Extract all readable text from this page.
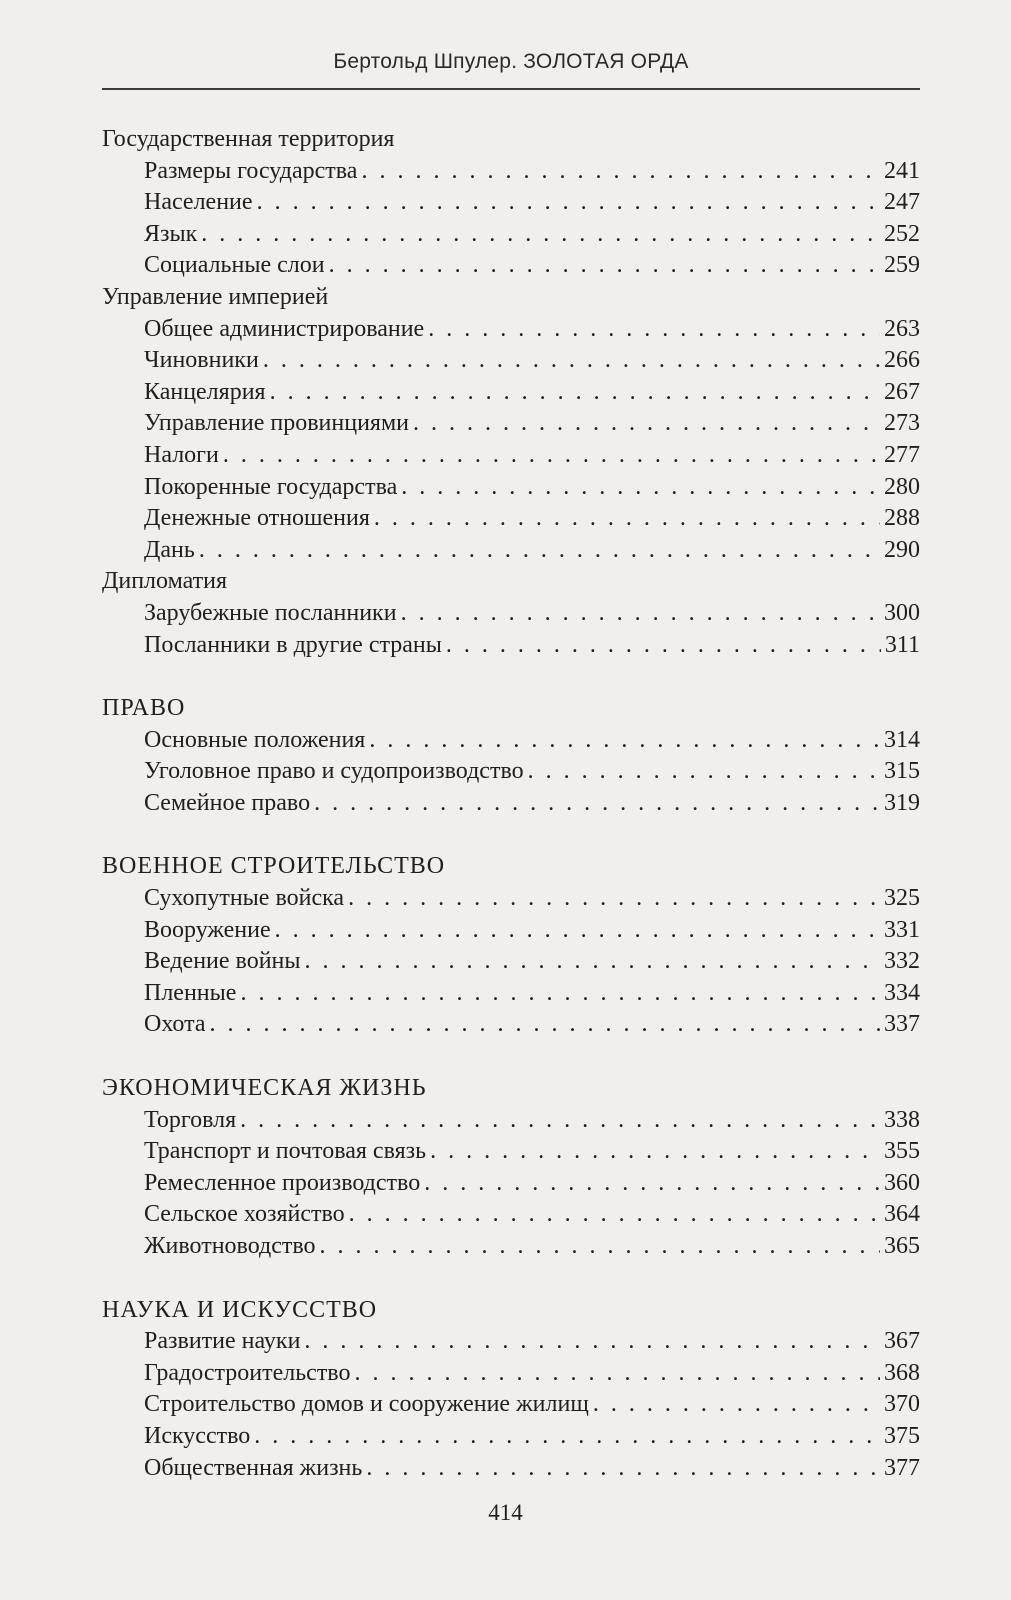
Бертольд Шпулер. ЗОЛОТАЯ ОРДА
Государственная территория
Размеры государства . . .	241
Население . . .	247
Язык . . .	252
Социальные слои . . .	259
Управление империей
Общее администрирование . . .	263
Чиновники . . .	266
Канцелярия . . .	267
Управление провинциями . . .	273
Налоги . . .	277
Покоренные государства . . .	280
Денежные отношения . . .	288
Дань . . .	290
Дипломатия
Зарубежные посланники . . .	300
Посланники в другие страны . . .	311
ПРАВО
Основные положения . . .	314
Уголовное право и судопроизводство . . .	315
Семейное право . . .	319
ВОЕННОЕ СТРОИТЕЛЬСТВО
Сухопутные войска . . .	325
Вооружение . . .	331
Ведение войны . . .	332
Пленные . . .	334
Охота . . .	337
ЭКОНОМИЧЕСКАЯ ЖИЗНЬ
Торговля . . .	338
Транспорт и почтовая связь . . .	355
Ремесленное производство . . .	360
Сельское хозяйство . . .	364
Животноводство . . .	365
НАУКА И ИСКУССТВО
Развитие науки . . .	367
Градостроительство . . .	368
Строительство домов и сооружение жилищ . . .	370
Искусство . . .	375
Общественная жизнь . . .	377
414
